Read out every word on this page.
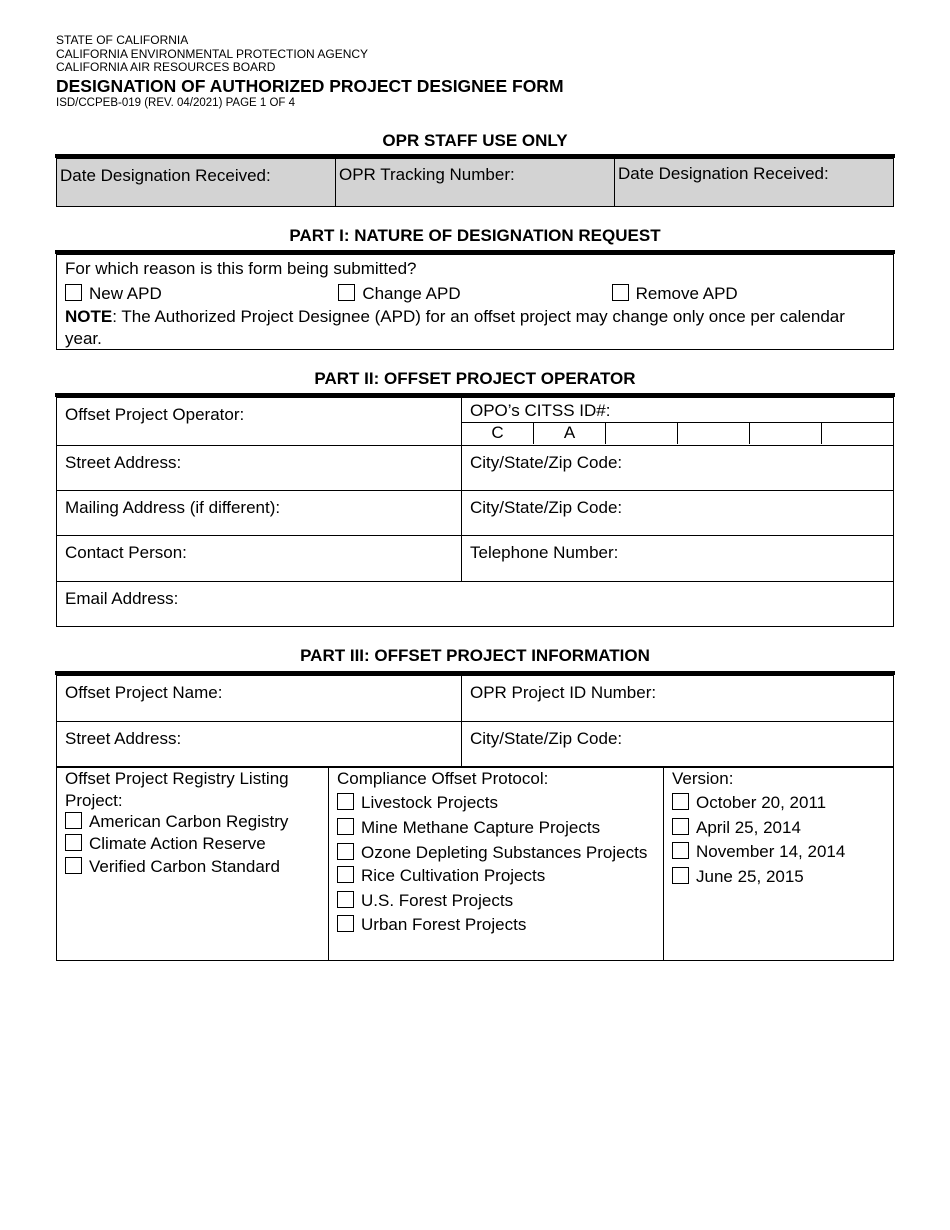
STATE OF CALIFORNIA
CALIFORNIA ENVIRONMENTAL PROTECTION AGENCY
CALIFORNIA AIR RESOURCES BOARD
DESIGNATION OF AUTHORIZED PROJECT DESIGNEE FORM
ISD/CCPEB-019 (REV. 04/2021) PAGE 1 OF 4
OPR STAFF USE ONLY
Date Designation Received:	OPR Tracking Number:	Date Designation Received:
PART I: NATURE OF DESIGNATION REQUEST
For which reason is this form being submitted?
New APD	Change APD	Remove APD
NOTE: The Authorized Project Designee (APD) for an offset project may change only once per calendar year.
PART II: OFFSET PROJECT OPERATOR
Offset Project Operator:	OPO’s CITSS ID#:
C A

Street Address:	City/State/Zip Code:
Mailing Address (if different):	City/State/Zip Code:
Contact Person:	Telephone Number:
Email Address:	
PART III: OFFSET PROJECT INFORMATION
Offset Project Name:	OPR Project ID Number:
Street Address:	City/State/Zip Code:
Offset Project Registry Listing Project:
American Carbon Registry
Climate Action Reserve
Verified Carbon Standard

Compliance Offset Protocol:
Livestock Projects
Mine Methane Capture Projects
Ozone Depleting Substances Projects
Rice Cultivation Projects
U.S. Forest Projects
Urban Forest Projects

Version:
October 20, 2011
April 25, 2014
November 14, 2014
June 25, 2015
